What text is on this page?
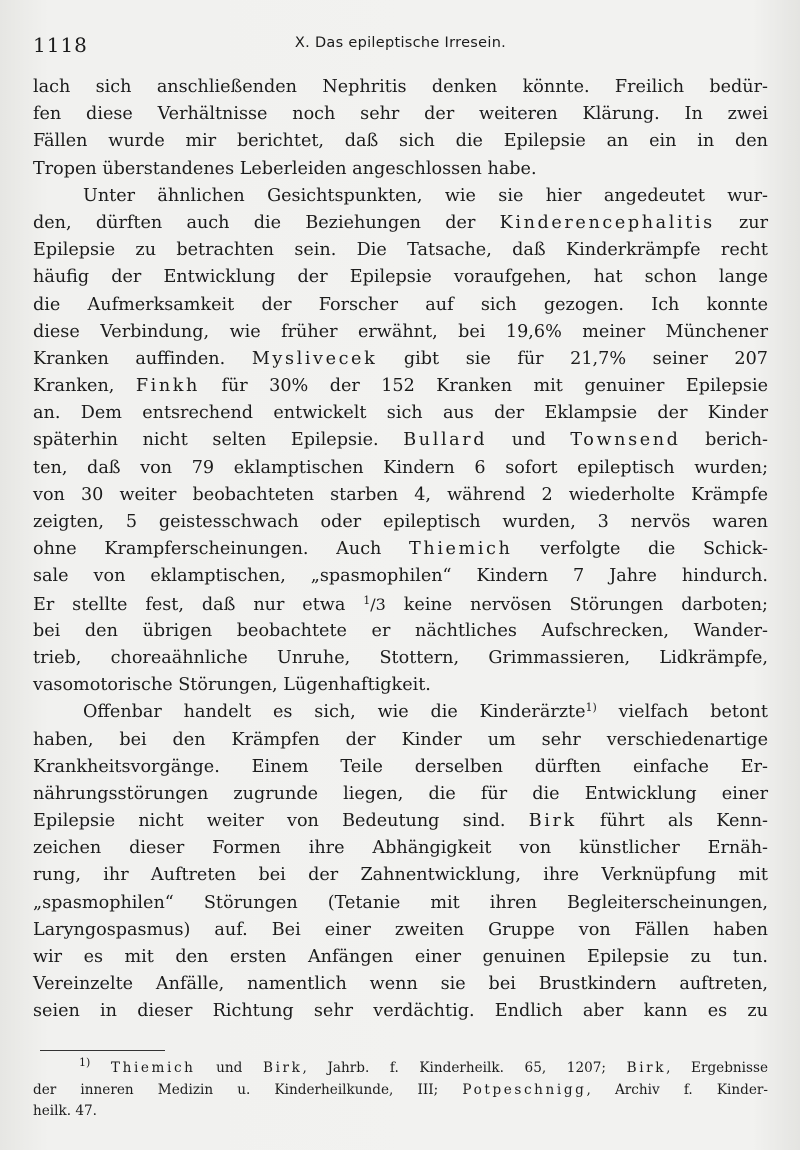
1118	X. Das epileptische Irresein.
lach sich anschließenden Nephritis denken könnte. Freilich bedür-
fen diese Verhältnisse noch sehr der weiteren Klärung. In zwei
Fällen wurde mir berichtet, daß sich die Epilepsie an ein in den
Tropen überstandenes Leberleiden angeschlossen habe.
Unter ähnlichen Gesichtspunkten, wie sie hier angedeutet wur-
den, dürften auch die Beziehungen der Kinderencephalitis zur
Epilepsie zu betrachten sein. Die Tatsache, daß Kinderkrämpfe recht
häufig der Entwicklung der Epilepsie voraufgehen, hat schon lange
die Aufmerksamkeit der Forscher auf sich gezogen. Ich konnte
diese Verbindung, wie früher erwähnt, bei 19,6% meiner Münchener
Kranken auffinden. Myslivecek gibt sie für 21,7% seiner 207
Kranken, Finkh für 30% der 152 Kranken mit genuiner Epilepsie
an. Dem entsrechend entwickelt sich aus der Eklampsie der Kinder
späterhin nicht selten Epilepsie. Bullard und Townsend berich-
ten, daß von 79 eklamptischen Kindern 6 sofort epileptisch wurden;
von 30 weiter beobachteten starben 4, während 2 wiederholte Krämpfe
zeigten, 5 geistesschwach oder epileptisch wurden, 3 nervös waren
ohne Krampferscheinungen. Auch Thiemich verfolgte die Schick-
sale von eklamptischen, „spasmophilen“ Kindern 7 Jahre hindurch.
Er stellte fest, daß nur etwa $^1$/3 keine nervösen Störungen darboten;
bei den übrigen beobachtete er nächtliches Aufschrecken, Wander-
trieb, choreaähnliche Unruhe, Stottern, Grimmassieren, Lidkrämpfe,
vasomotorische Störungen, Lügenhaftigkeit.
Offenbar handelt es sich, wie die Kinderärzte$^{1)}$ vielfach betont
haben, bei den Krämpfen der Kinder um sehr verschiedenartige
Krankheitsvorgänge. Einem Teile derselben dürften einfache Er-
nährungsstörungen zugrunde liegen, die für die Entwicklung einer
Epilepsie nicht weiter von Bedeutung sind. Birk führt als Kenn-
zeichen dieser Formen ihre Abhängigkeit von künstlicher Ernäh-
rung, ihr Auftreten bei der Zahnentwicklung, ihre Verknüpfung mit
„spasmophilen“ Störungen (Tetanie mit ihren Begleiterscheinungen,
Laryngospasmus) auf. Bei einer zweiten Gruppe von Fällen haben
wir es mit den ersten Anfängen einer genuinen Epilepsie zu tun.
Vereinzelte Anfälle, namentlich wenn sie bei Brustkindern auftreten,
seien in dieser Richtung sehr verdächtig. Endlich aber kann es zu
$^{1)}$ Thiemich und Birk, Jahrb. f. Kinderheilk. 65, 1207; Birk, Ergebnisse
der inneren Medizin u. Kinderheilkunde, III; Potpeschnigg, Archiv f. Kinder-
heilk. 47.
